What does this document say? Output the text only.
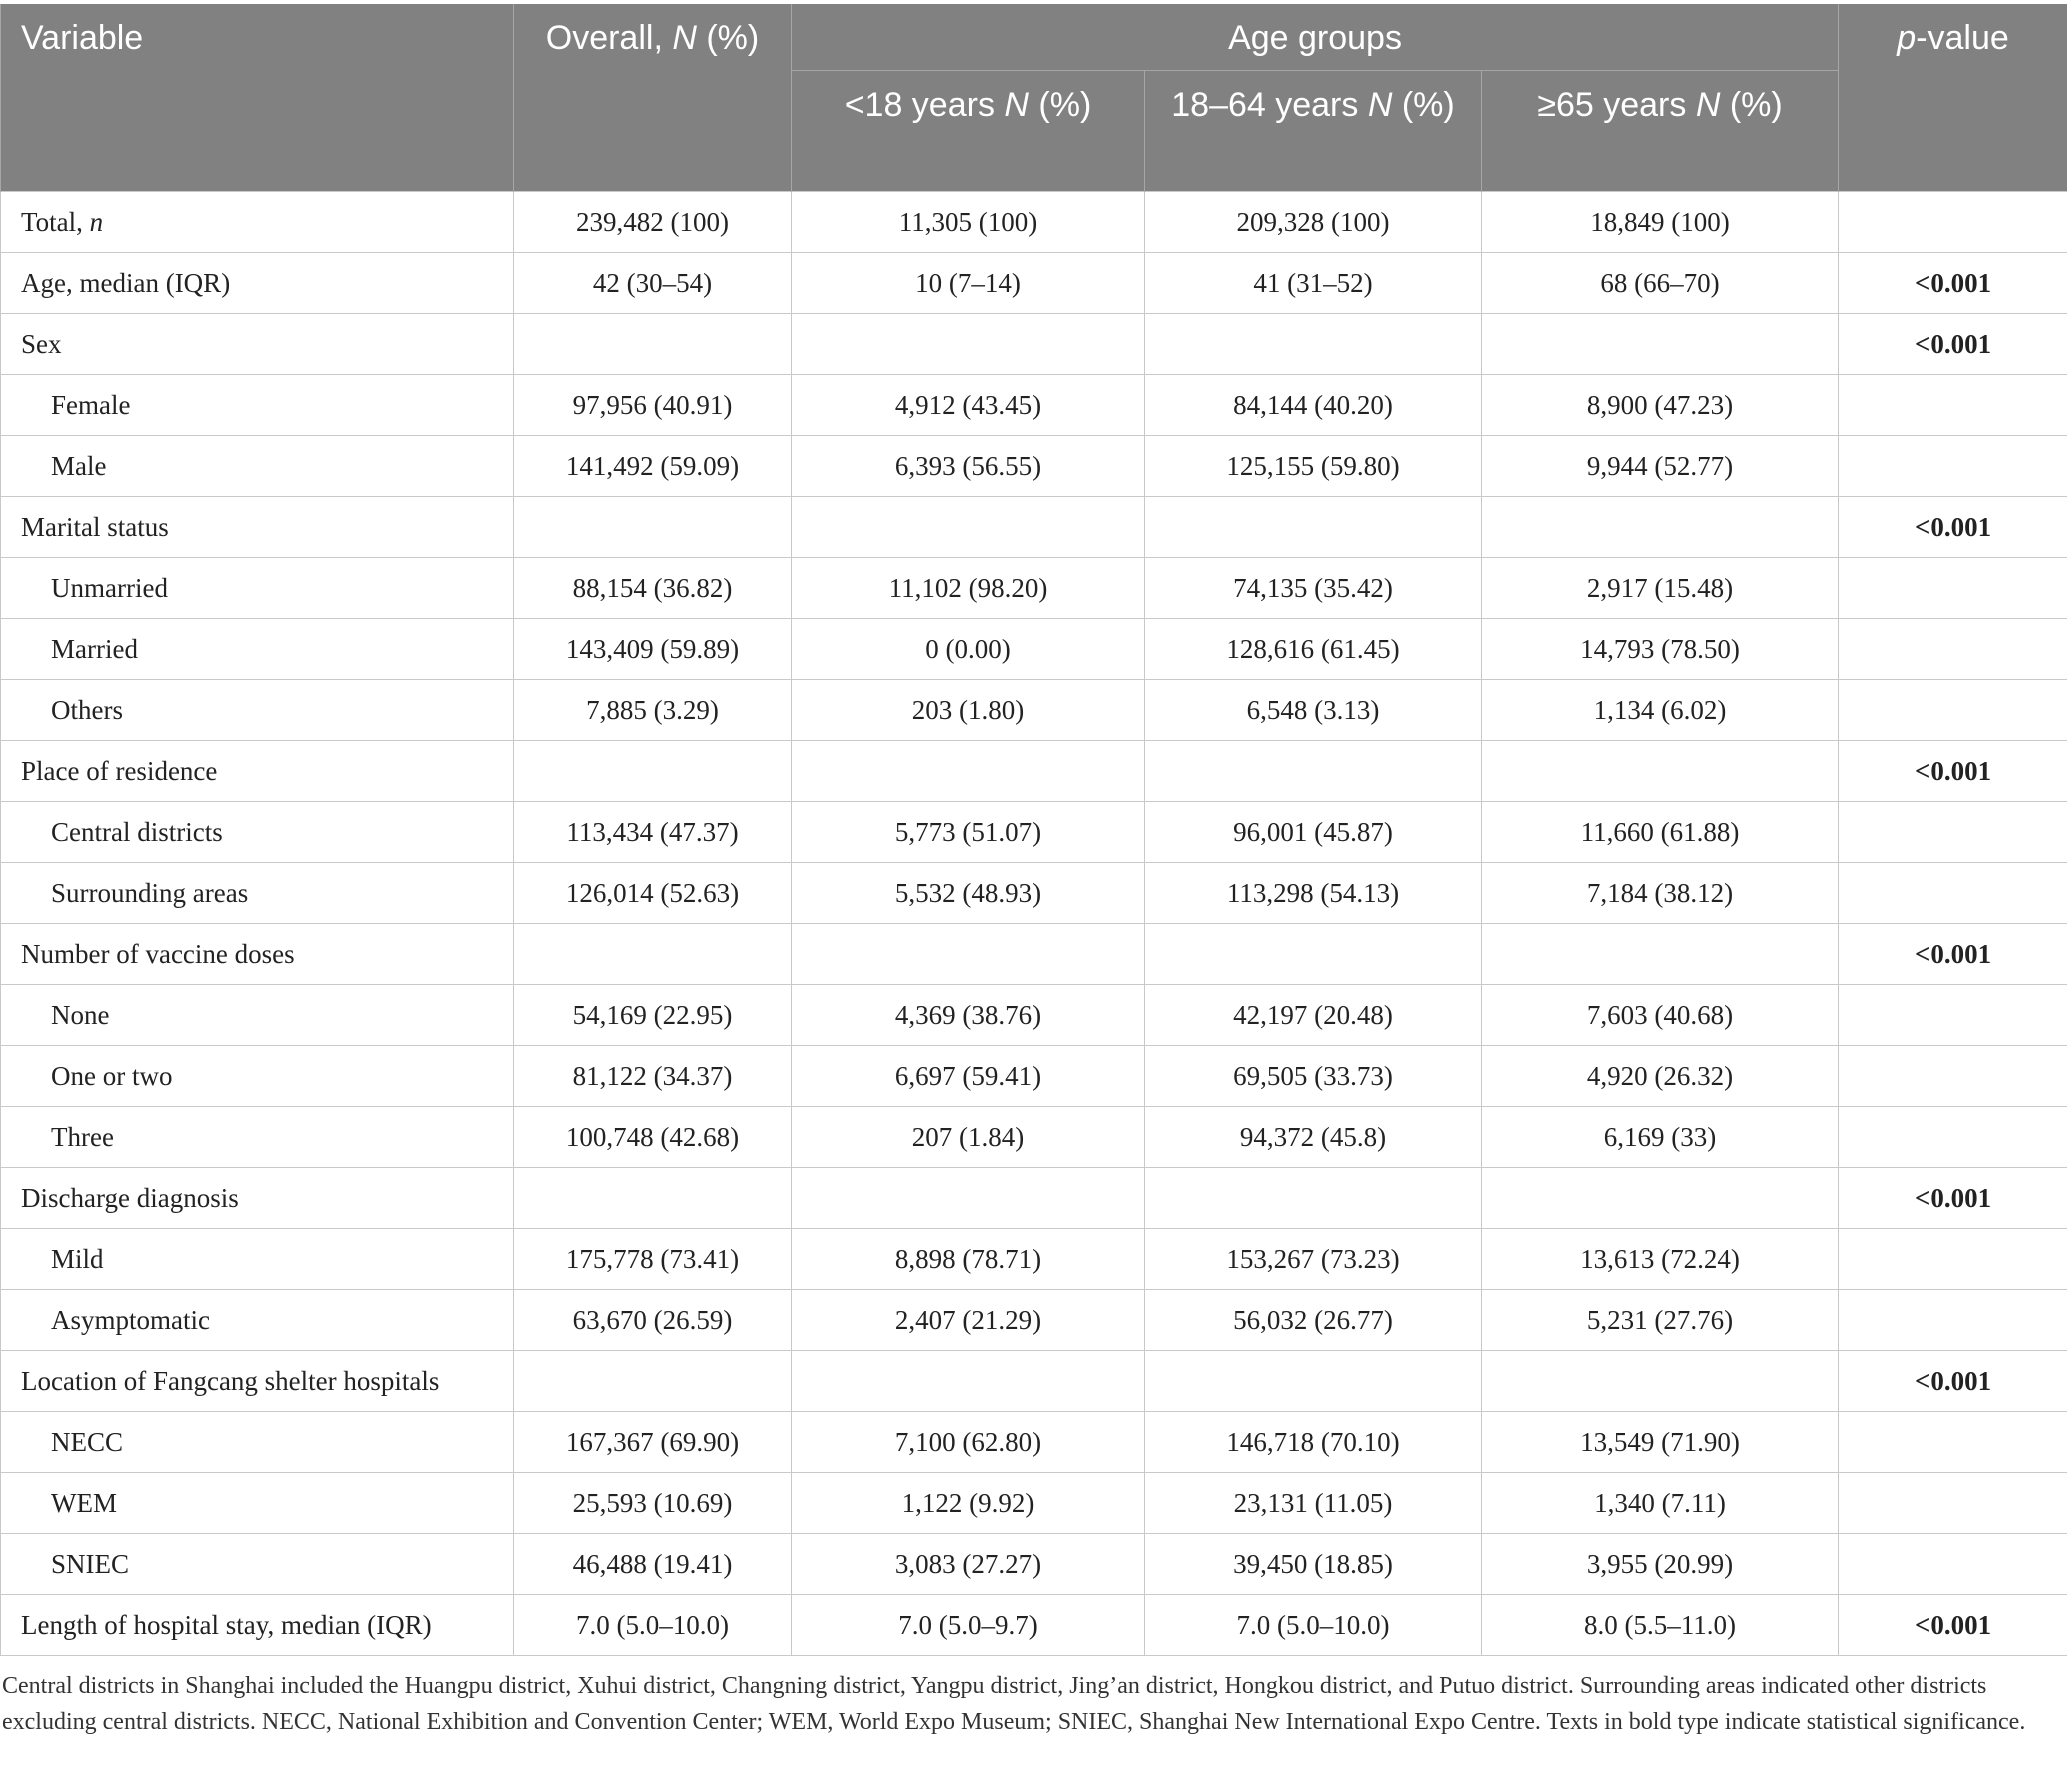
Variable	Overall, N (%)	Age groups			p-value
		<18 years N (%)	18–64 years N (%)	≥65 years N (%)	
Total, n	239,482 (100)	11,305 (100)	209,328 (100)	18,849 (100)	
Age, median (IQR)	42 (30–54)	10 (7–14)	41 (31–52)	68 (66–70)	<0.001
Sex					<0.001
Female	97,956 (40.91)	4,912 (43.45)	84,144 (40.20)	8,900 (47.23)	
Male	141,492 (59.09)	6,393 (56.55)	125,155 (59.80)	9,944 (52.77)	
Marital status					<0.001
Unmarried	88,154 (36.82)	11,102 (98.20)	74,135 (35.42)	2,917 (15.48)	
Married	143,409 (59.89)	0 (0.00)	128,616 (61.45)	14,793 (78.50)	
Others	7,885 (3.29)	203 (1.80)	6,548 (3.13)	1,134 (6.02)	
Place of residence					<0.001
Central districts	113,434 (47.37)	5,773 (51.07)	96,001 (45.87)	11,660 (61.88)	
Surrounding areas	126,014 (52.63)	5,532 (48.93)	113,298 (54.13)	7,184 (38.12)	
Number of vaccine doses					<0.001
None	54,169 (22.95)	4,369 (38.76)	42,197 (20.48)	7,603 (40.68)	
One or two	81,122 (34.37)	6,697 (59.41)	69,505 (33.73)	4,920 (26.32)	
Three	100,748 (42.68)	207 (1.84)	94,372 (45.8)	6,169 (33)	
Discharge diagnosis					<0.001
Mild	175,778 (73.41)	8,898 (78.71)	153,267 (73.23)	13,613 (72.24)	
Asymptomatic	63,670 (26.59)	2,407 (21.29)	56,032 (26.77)	5,231 (27.76)	
Location of Fangcang shelter hospitals					<0.001
NECC	167,367 (69.90)	7,100 (62.80)	146,718 (70.10)	13,549 (71.90)	
WEM	25,593 (10.69)	1,122 (9.92)	23,131 (11.05)	1,340 (7.11)	
SNIEC	46,488 (19.41)	3,083 (27.27)	39,450 (18.85)	3,955 (20.99)	
Length of hospital stay, median (IQR)	7.0 (5.0–10.0)	7.0 (5.0–9.7)	7.0 (5.0–10.0)	8.0 (5.5–11.0)	<0.001
Central districts in Shanghai included the Huangpu district, Xuhui district, Changning district, Yangpu district, Jing’an district, Hongkou district, and Putuo district. Surrounding areas indicated other districts excluding central districts. NECC, National Exhibition and Convention Center; WEM, World Expo Museum; SNIEC, Shanghai New International Expo Centre. Texts in bold type indicate statistical significance.
